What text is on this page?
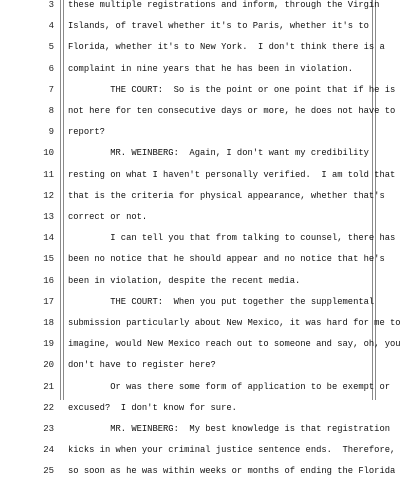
3 these multiple registrations and inform, through the Virgin
4 Islands, of travel whether it's to Paris, whether it's to
5 Florida, whether it's to New York.  I don't think there is a
6 complaint in nine years that he has been in violation.
7 THE COURT:  So is the point or one point that if he is
8 not here for ten consecutive days or more, he does not have to
9 report?
10 MR. WEINBERG:  Again, I don't want my credibility
11 resting on what I haven't personally verified.  I am told that
12 that is the criteria for physical appearance, whether that's
13 correct or not.
14 I can tell you that from talking to counsel, there has
15 been no notice that he should appear and no notice that he's
16 been in violation, despite the recent media.
17 THE COURT:  When you put together the supplemental
18 submission particularly about New Mexico, it was hard for me to
19 imagine, would New Mexico reach out to someone and say, oh, you
20 don't have to register here?
21 Or was there some form of application to be exempt or
22 excused?  I don't know for sure.
23 MR. WEINBERG:  My best knowledge is that registration
24 kicks in when your criminal justice sentence ends.  Therefore,
25 so soon as he was within weeks or months of ending the Florida
